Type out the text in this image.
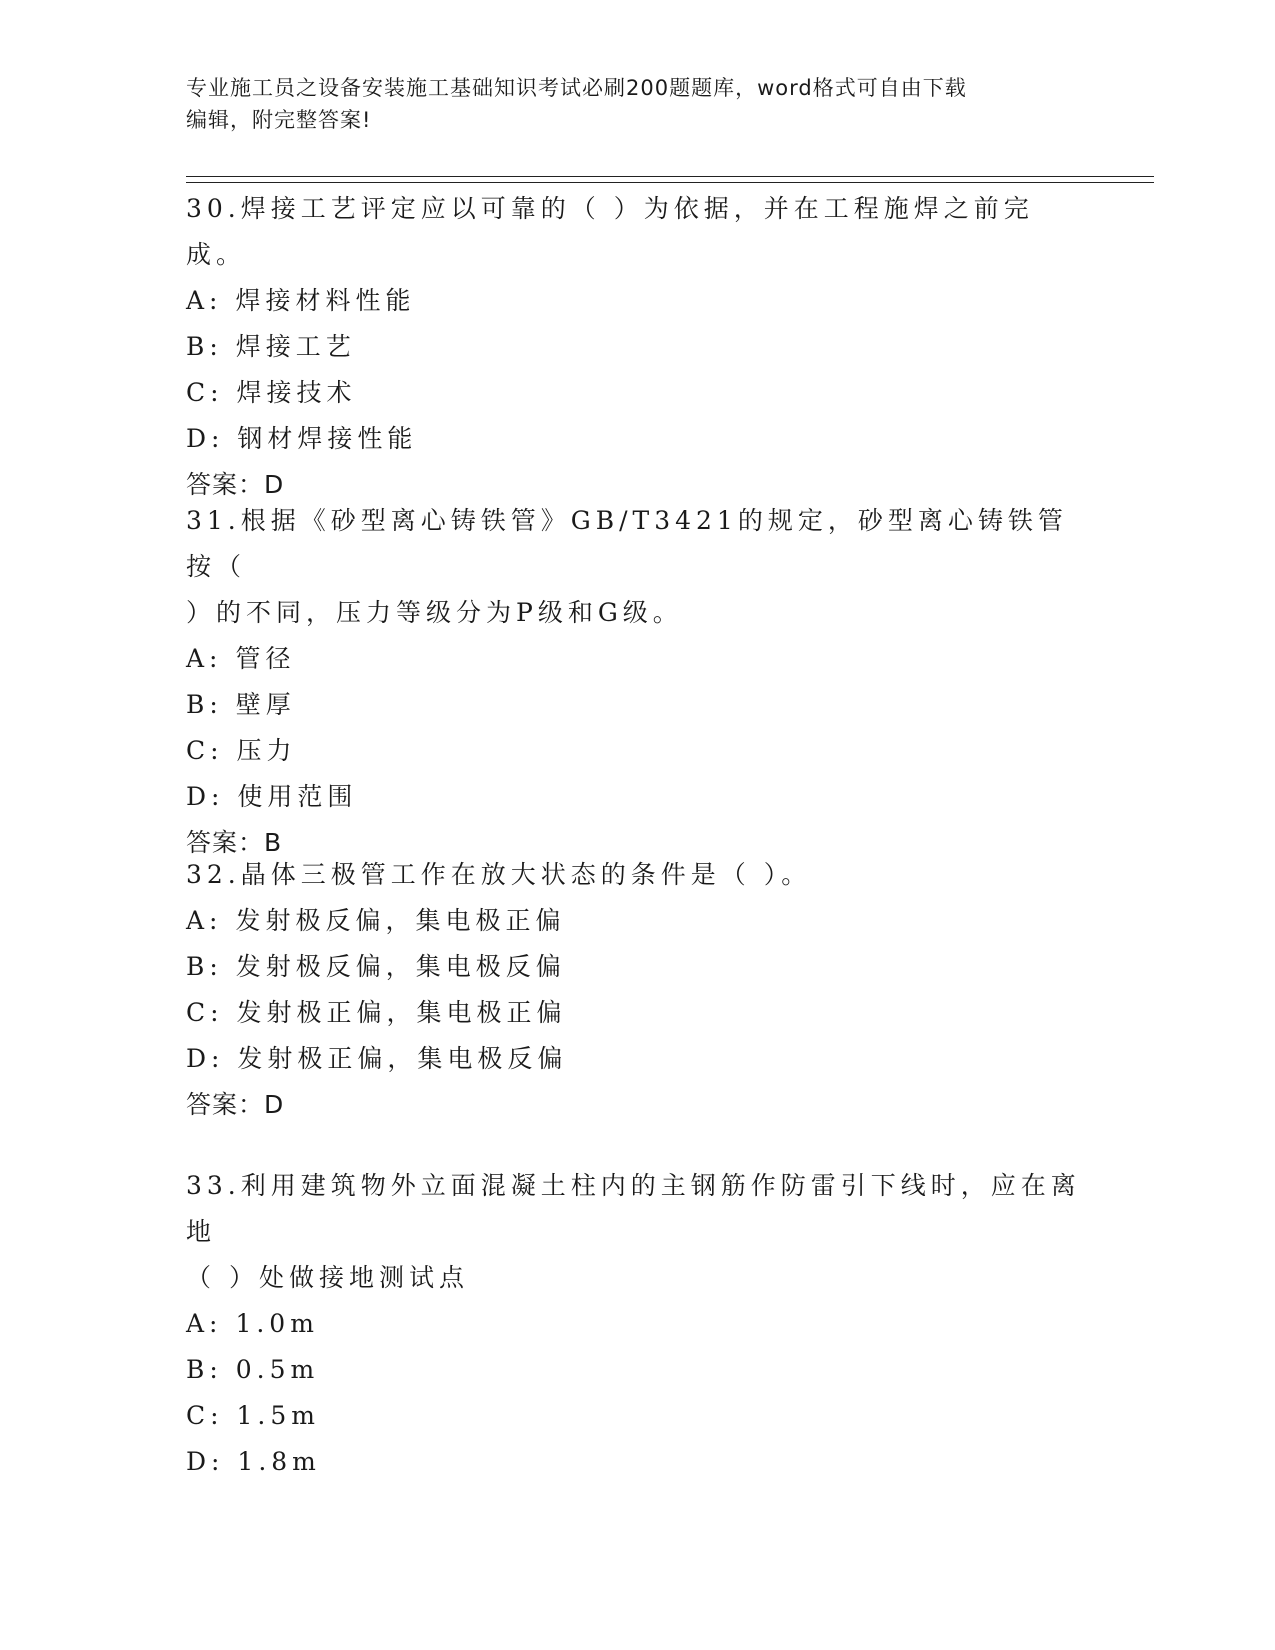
专业施工员之设备安装施工基础知识考试必刷200题题库，word格式可自由下载
编辑，附完整答案!

30.焊接工艺评定应以可靠的（ ）为依据，并在工程施焊之前完成。

A: 焊接材料性能

B: 焊接工艺

C: 焊接技术

D: 钢材焊接性能

答案：D

31.根据《砂型离心铸铁管》GB/T3421的规定，砂型离心铸铁管按（

）的不同，压力等级分为P级和G级。

A: 管径

B: 壁厚

C: 压力

D: 使用范围

答案：B

32.晶体三极管工作在放大状态的条件是（ ）。

A: 发射极反偏，集电极正偏

B: 发射极反偏，集电极反偏

C: 发射极正偏，集电极正偏

D: 发射极正偏，集电极反偏

答案：D

33.利用建筑物外立面混凝土柱内的主钢筋作防雷引下线时，应在离地

（ ）处做接地测试点

A: 1.0m

B: 0.5m

C: 1.5m

D: 1.8m
